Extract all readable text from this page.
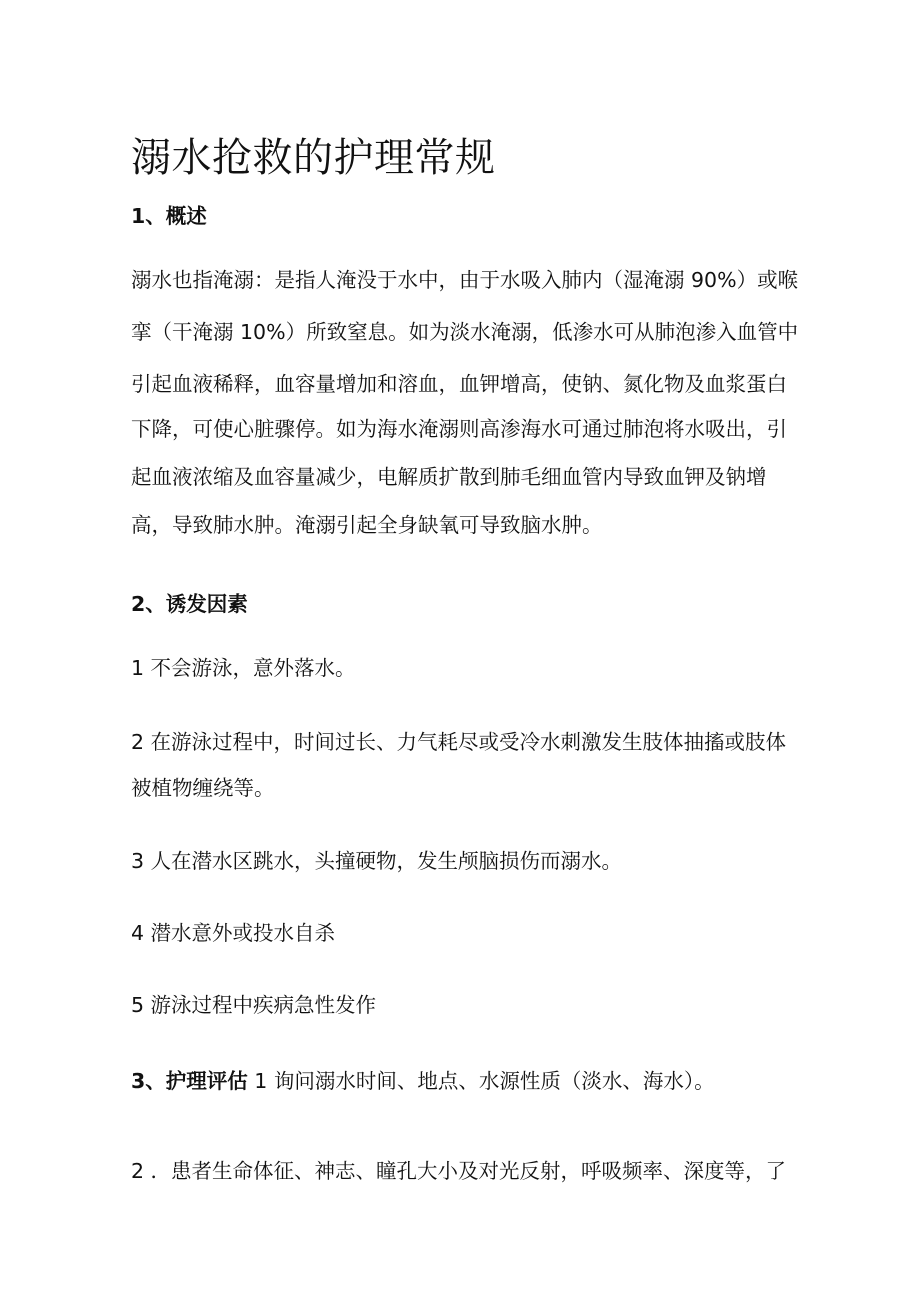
溺水抢救的护理常规
1、概述
溺水也指淹溺：是指人淹没于水中，由于水吸入肺内（湿淹溺 90%）或喉
挛（干淹溺 10%）所致窒息。如为淡水淹溺，低渗水可从肺泡渗入血管中
引起血液稀释，血容量增加和溶血，血钾增高，使钠、氮化物及血浆蛋白
下降，可使心脏骤停。如为海水淹溺则高渗海水可通过肺泡将水吸出，引
起血液浓缩及血容量减少，电解质扩散到肺毛细血管内导致血钾及钠增
高，导致肺水肿。淹溺引起全身缺氧可导致脑水肿。
2、诱发因素
1 不会游泳，意外落水。
2 在游泳过程中，时间过长、力气耗尽或受冷水刺激发生肢体抽搐或肢体
被植物缠绕等。
3 人在潜水区跳水，头撞硬物，发生颅脑损伤而溺水。
4 潜水意外或投水自杀
5 游泳过程中疾病急性发作
3、护理评估 1 询问溺水时间、地点、水源性质（淡水、海水）。
2 ．患者生命体征、神志、瞳孔大小及对光反射，呼吸频率、深度等，了
